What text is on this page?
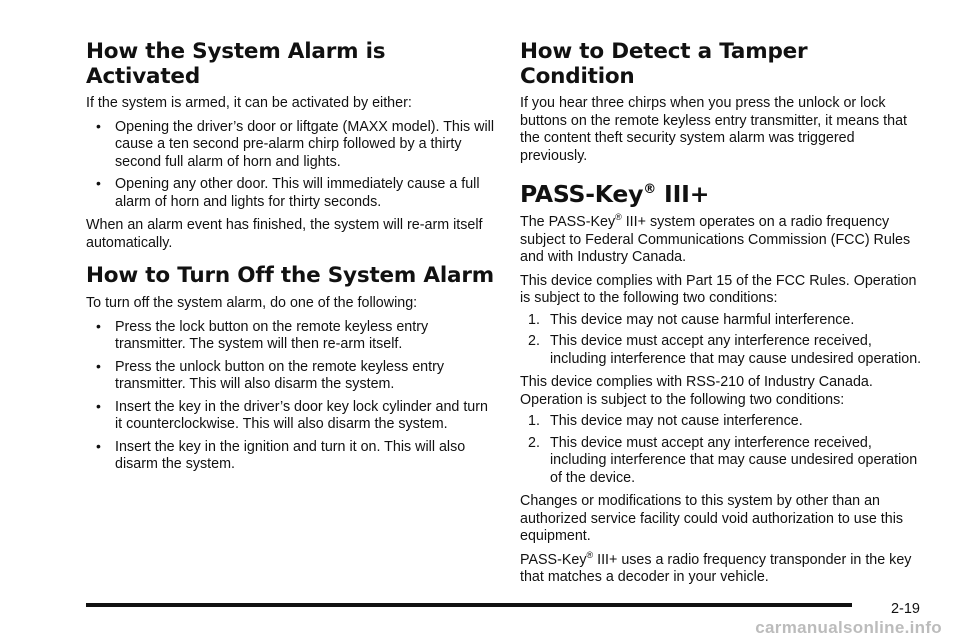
How the System Alarm is Activated

If the system is armed, it can be activated by either:

• Opening the driver’s door or liftgate (MAXX model). This will cause a ten second pre-alarm chirp followed by a thirty second full alarm of horn and lights.
• Opening any other door. This will immediately cause a full alarm of horn and lights for thirty seconds.

When an alarm event has finished, the system will re-arm itself automatically.

How to Turn Off the System Alarm

To turn off the system alarm, do one of the following:

• Press the lock button on the remote keyless entry transmitter. The system will then re-arm itself.
• Press the unlock button on the remote keyless entry transmitter. This will also disarm the system.
• Insert the key in the driver’s door key lock cylinder and turn it counterclockwise. This will also disarm the system.
• Insert the key in the ignition and turn it on. This will also disarm the system.
How to Detect a Tamper Condition

If you hear three chirps when you press the unlock or lock buttons on the remote keyless entry transmitter, it means that the content theft security system alarm was triggered previously.

PASS-Key® III+

The PASS-Key® III+ system operates on a radio frequency subject to Federal Communications Commission (FCC) Rules and with Industry Canada.

This device complies with Part 15 of the FCC Rules. Operation is subject to the following two conditions:

1. This device may not cause harmful interference.
2. This device must accept any interference received, including interference that may cause undesired operation.

This device complies with RSS-210 of Industry Canada. Operation is subject to the following two conditions:

1. This device may not cause interference.
2. This device must accept any interference received, including interference that may cause undesired operation of the device.

Changes or modifications to this system by other than an authorized service facility could void authorization to use this equipment.

PASS-Key® III+ uses a radio frequency transponder in the key that matches a decoder in your vehicle.

2-19
carmanualsonline.info
